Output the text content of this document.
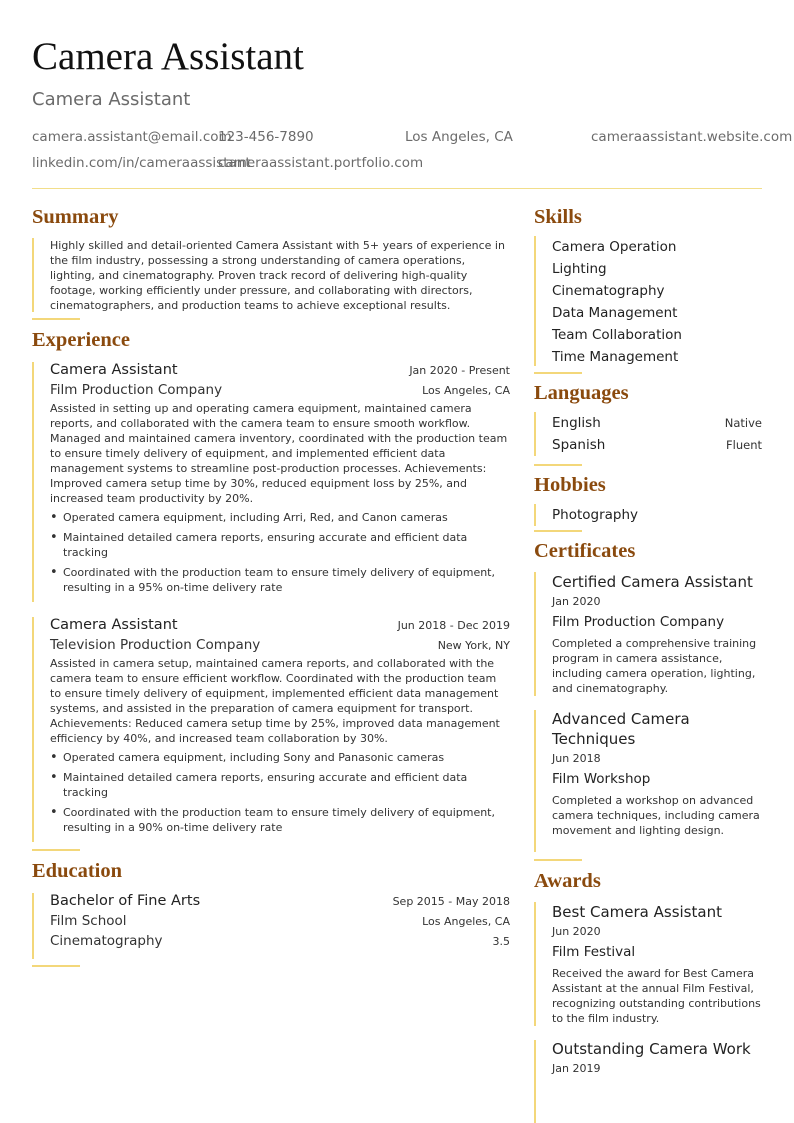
Camera Assistant
Camera Assistant
camera.assistant@email.com
123-456-7890	Los Angeles, CA	cameraassistant.website.com
linkedin.com/in/cameraassistant
cameraassistant.portfolio.com
Summary
Highly skilled and detail-oriented Camera Assistant with 5+ years of experience in the film industry, possessing a strong understanding of camera operations, lighting, and cinematography. Proven track record of delivering high-quality footage, working efficiently under pressure, and collaborating with directors, cinematographers, and production teams to achieve exceptional results.
Experience
Camera Assistant	Jan 2020 - Present
Film Production Company	Los Angeles, CA
Assisted in setting up and operating camera equipment, maintained camera reports, and collaborated with the camera team to ensure smooth workflow. Managed and maintained camera inventory, coordinated with the production team to ensure timely delivery of equipment, and implemented efficient data management systems to streamline post-production processes. Achievements: Improved camera setup time by 30%, reduced equipment loss by 25%, and increased team productivity by 20%.
• Operated camera equipment, including Arri, Red, and Canon cameras
• Maintained detailed camera reports, ensuring accurate and efficient data tracking
• Coordinated with the production team to ensure timely delivery of equipment, resulting in a 95% on-time delivery rate
Camera Assistant	Jun 2018 - Dec 2019
Television Production Company	New York, NY
Assisted in camera setup, maintained camera reports, and collaborated with the camera team to ensure efficient workflow. Coordinated with the production team to ensure timely delivery of equipment, implemented efficient data management systems, and assisted in the preparation of camera equipment for transport. Achievements: Reduced camera setup time by 25%, improved data management efficiency by 40%, and increased team collaboration by 30%.
• Operated camera equipment, including Sony and Panasonic cameras
• Maintained detailed camera reports, ensuring accurate and efficient data tracking
• Coordinated with the production team to ensure timely delivery of equipment, resulting in a 90% on-time delivery rate
Education
Bachelor of Fine Arts	Sep 2015 - May 2018
Film School	Los Angeles, CA
Cinematography	3.5
Skills
Camera Operation
Lighting
Cinematography
Data Management
Team Collaboration
Time Management
Languages
English	Native
Spanish	Fluent
Hobbies
Photography
Certificates
Certified Camera Assistant
Jan 2020
Film Production Company
Completed a comprehensive training program in camera assistance, including camera operation, lighting, and cinematography.
Advanced Camera Techniques
Jun 2018
Film Workshop
Completed a workshop on advanced camera techniques, including camera movement and lighting design.
Awards
Best Camera Assistant
Jun 2020
Film Festival
Received the award for Best Camera Assistant at the annual Film Festival, recognizing outstanding contributions to the film industry.
Outstanding Camera Work
Jan 2019
